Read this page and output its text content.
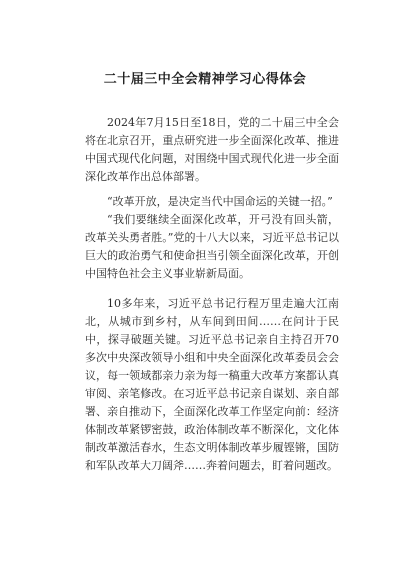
二十届三中全会精神学习心得体会

2024年7月15日至18日，党的二十届三中全会将在北京召开，重点研究进一步全面深化改革、推进中国式现代化问题，对围绕中国式现代化进一步全面深化改革作出总体部署。

“改革开放，是决定当代中国命运的关键一招。”

“我们要继续全面深化改革，开弓没有回头箭，改革关头勇者胜。”党的十八大以来，习近平总书记以巨大的政治勇气和使命担当引领全面深化改革，开创中国特色社会主义事业崭新局面。

10多年来，习近平总书记行程万里走遍大江南北，从城市到乡村，从车间到田间……在问计于民中，探寻破题关键。习近平总书记亲自主持召开70多次中央深改领导小组和中央全面深化改革委员会会议，每一领域都亲力亲为每一稿重大改革方案都认真审阅、亲笔修改。在习近平总书记亲自谋划、亲自部署、亲自推动下，全面深化改革工作坚定向前：经济体制改革紧锣密鼓，政治体制改革不断深化，文化体制改革激活春水，生态文明体制改革步履铿锵，国防和军队改革大刀阔斧……奔着问题去，盯着问题改。
